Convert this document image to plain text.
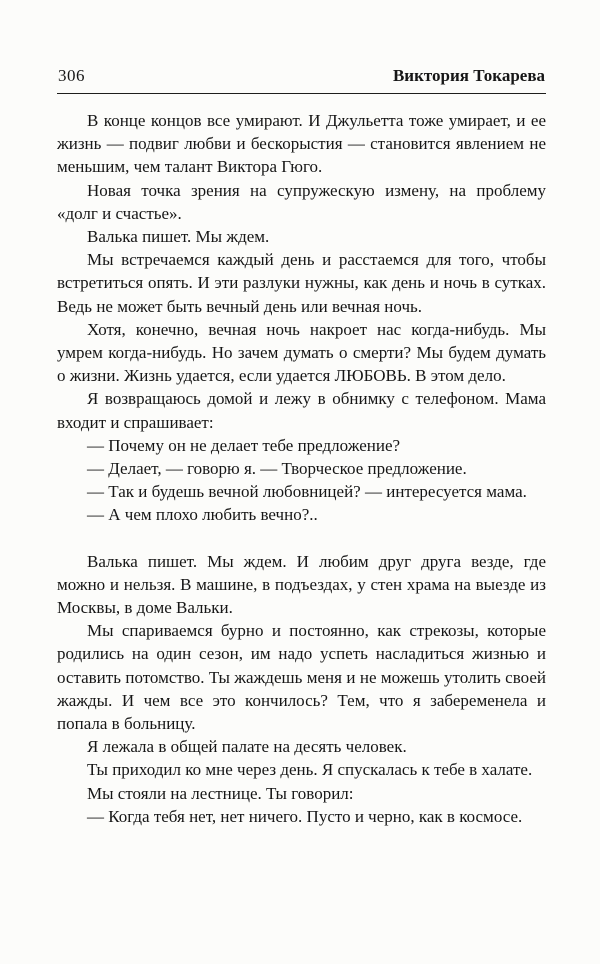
306	Виктория Токарева

В конце концов все умирают. И Джульетта тоже умирает, и ее жизнь — подвиг любви и бескорыстия — становится явлением не меньшим, чем талант Виктора Гюго.

Новая точка зрения на супружескую измену, на проблему «долг и счастье».

Валька пишет. Мы ждем.

Мы встречаемся каждый день и расстаемся для того, чтобы встретиться опять. И эти разлуки нужны, как день и ночь в сутках. Ведь не может быть вечный день или вечная ночь.

Хотя, конечно, вечная ночь накроет нас когда-нибудь. Мы умрем когда-нибудь. Но зачем думать о смерти? Мы будем думать о жизни. Жизнь удается, если удается ЛЮБОВЬ. В этом дело.

Я возвращаюсь домой и лежу в обнимку с телефоном. Мама входит и спрашивает:

— Почему он не делает тебе предложение?

— Делает, — говорю я. — Творческое предложение.

— Так и будешь вечной любовницей? — интересуется мама.

— А чем плохо любить вечно?..

Валька пишет. Мы ждем. И любим друг друга везде, где можно и нельзя. В машине, в подъездах, у стен храма на выезде из Москвы, в доме Вальки.

Мы спариваемся бурно и постоянно, как стрекозы, которые родились на один сезон, им надо успеть насладиться жизнью и оставить потомство. Ты жаждешь меня и не можешь утолить своей жажды. И чем все это кончилось? Тем, что я забеременела и попала в больницу.

Я лежала в общей палате на десять человек.

Ты приходил ко мне через день. Я спускалась к тебе в халате.

Мы стояли на лестнице. Ты говорил:

— Когда тебя нет, нет ничего. Пусто и черно, как в космосе.
